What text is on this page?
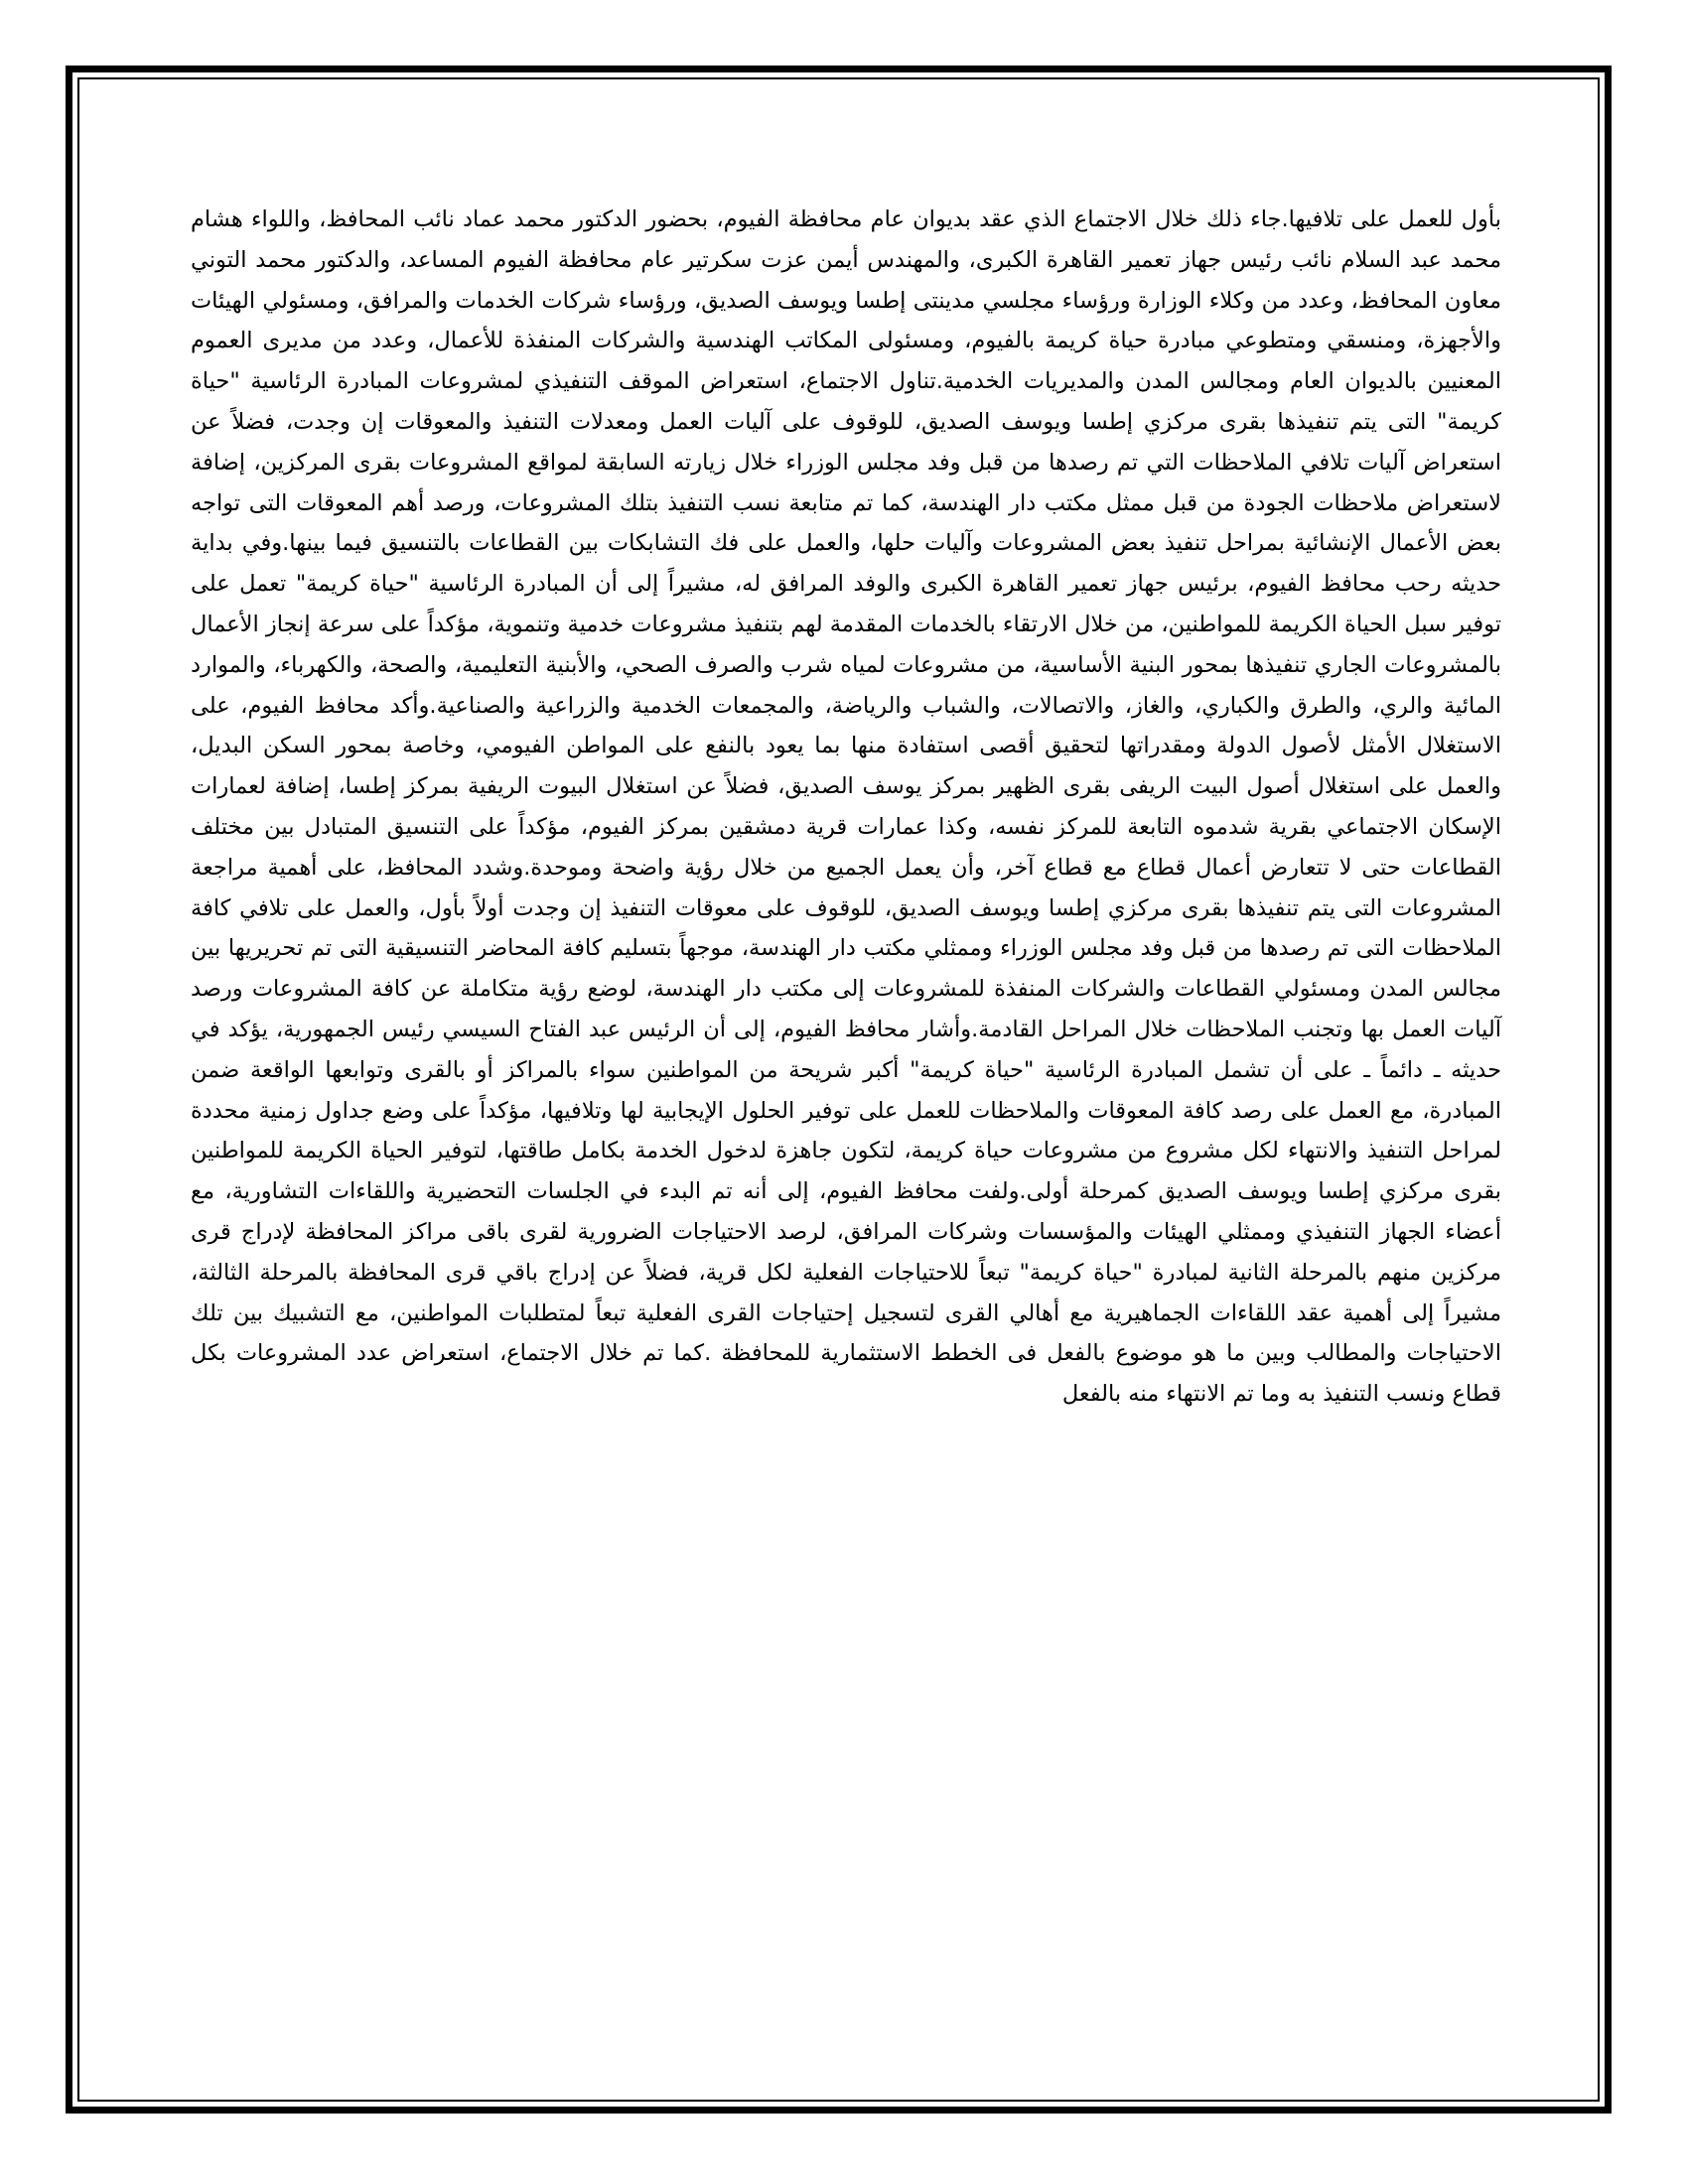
بأول للعمل على تلافيها.جاء ذلك خلال الاجتماع الذي عقد بديوان عام محافظة الفيوم، بحضور الدكتور محمد عماد نائب المحافظ، واللواء هشام محمد عبد السلام نائب رئيس جهاز تعمير القاهرة الكبرى، والمهندس أيمن عزت سكرتير عام محافظة الفيوم المساعد، والدكتور محمد التوني معاون المحافظ، وعدد من وكلاء الوزارة ورؤساء مجلسي مدينتى إطسا ويوسف الصديق، ورؤساء شركات الخدمات والمرافق، ومسئولي الهيئات والأجهزة، ومنسقي ومتطوعي مبادرة حياة كريمة بالفيوم، ومسئولى المكاتب الهندسية والشركات المنفذة للأعمال، وعدد من مديرى العموم المعنيين بالديوان العام ومجالس المدن والمديريات الخدمية.تناول الاجتماع، استعراض الموقف التنفيذي لمشروعات المبادرة الرئاسية "حياة كريمة" التى يتم تنفيذها بقرى مركزي إطسا ويوسف الصديق، للوقوف على آليات العمل ومعدلات التنفيذ والمعوقات إن وجدت، فضلاً عن استعراض آليات تلافي الملاحظات التي تم رصدها من قبل وفد مجلس الوزراء خلال زيارته السابقة لمواقع المشروعات بقرى المركزين، إضافة لاستعراض ملاحظات الجودة من قبل ممثل مكتب دار الهندسة، كما تم متابعة نسب التنفيذ بتلك المشروعات، ورصد أهم المعوقات التى تواجه بعض الأعمال الإنشائية بمراحل تنفيذ بعض المشروعات وآليات حلها، والعمل على فك التشابكات بين القطاعات بالتنسيق فيما بينها.وفي بداية حديثه رحب محافظ الفيوم، برئيس جهاز تعمير القاهرة الكبرى والوفد المرافق له، مشيراً إلى أن المبادرة الرئاسية "حياة كريمة" تعمل على توفير سبل الحياة الكريمة للمواطنين، من خلال الارتقاء بالخدمات المقدمة لهم بتنفيذ مشروعات خدمية وتنموية، مؤكداً على سرعة إنجاز الأعمال بالمشروعات الجاري تنفيذها بمحور البنية الأساسية، من مشروعات لمياه شرب والصرف الصحي، والأبنية التعليمية، والصحة، والكهرباء، والموارد المائية والري، والطرق والكباري، والغاز، والاتصالات، والشباب والرياضة، والمجمعات الخدمية والزراعية والصناعية.وأكد محافظ الفيوم، على الاستغلال الأمثل لأصول الدولة ومقدراتها لتحقيق أقصى استفادة منها بما يعود بالنفع على المواطن الفيومي، وخاصة بمحور السكن البديل، والعمل على استغلال أصول البيت الريفى بقرى الظهير بمركز يوسف الصديق، فضلاً عن استغلال البيوت الريفية بمركز إطسا، إضافة لعمارات الإسكان الاجتماعي بقرية شدموه التابعة للمركز نفسه، وكذا عمارات قرية دمشقين بمركز الفيوم، مؤكداً على التنسيق المتبادل بين مختلف القطاعات حتى لا تتعارض أعمال قطاع مع قطاع آخر، وأن يعمل الجميع من خلال رؤية واضحة وموحدة.وشدد المحافظ، على أهمية مراجعة المشروعات التى يتم تنفيذها بقرى مركزي إطسا ويوسف الصديق، للوقوف على معوقات التنفيذ إن وجدت أولاً بأول، والعمل على تلافي كافة الملاحظات التى تم رصدها من قبل وفد مجلس الوزراء وممثلي مكتب دار الهندسة، موجهاً بتسليم كافة المحاضر التنسيقية التى تم تحريريها بين مجالس المدن ومسئولي القطاعات والشركات المنفذة للمشروعات إلى مكتب دار الهندسة، لوضع رؤية متكاملة عن كافة المشروعات ورصد آليات العمل بها وتجنب الملاحظات خلال المراحل القادمة.وأشار محافظ الفيوم، إلى أن الرئيس عبد الفتاح السيسي رئيس الجمهورية، يؤكد في حديثه ـ دائماً ـ على أن تشمل المبادرة الرئاسية "حياة كريمة" أكبر شريحة من المواطنين سواء بالمراكز أو بالقرى وتوابعها الواقعة ضمن المبادرة، مع العمل على رصد كافة المعوقات والملاحظات للعمل على توفير الحلول الإيجابية لها وتلافيها، مؤكداً على وضع جداول زمنية محددة لمراحل التنفيذ والانتهاء لكل مشروع من مشروعات حياة كريمة، لتكون جاهزة لدخول الخدمة بكامل طاقتها، لتوفير الحياة الكريمة للمواطنين بقرى مركزي إطسا ويوسف الصديق كمرحلة أولى.ولفت محافظ الفيوم، إلى أنه تم البدء في الجلسات التحضيرية واللقاءات التشاورية، مع أعضاء الجهاز التنفيذي وممثلي الهيئات والمؤسسات وشركات المرافق، لرصد الاحتياجات الضرورية لقرى باقى مراكز المحافظة لإدراج قرى مركزين منهم بالمرحلة الثانية لمبادرة "حياة كريمة" تبعاً للاحتياجات الفعلية لكل قرية، فضلاً عن إدراج باقي قرى المحافظة بالمرحلة الثالثة، مشيراً إلى أهمية عقد اللقاءات الجماهيرية مع أهالي القرى لتسجيل إحتياجات القرى الفعلية تبعاً لمتطلبات المواطنين، مع التشبيك بين تلك الاحتياجات والمطالب وبين ما هو موضوع بالفعل فى الخطط الاستثمارية للمحافظة .كما تم خلال الاجتماع، استعراض عدد المشروعات بكل قطاع ونسب التنفيذ به وما تم الانتهاء منه بالفعل
